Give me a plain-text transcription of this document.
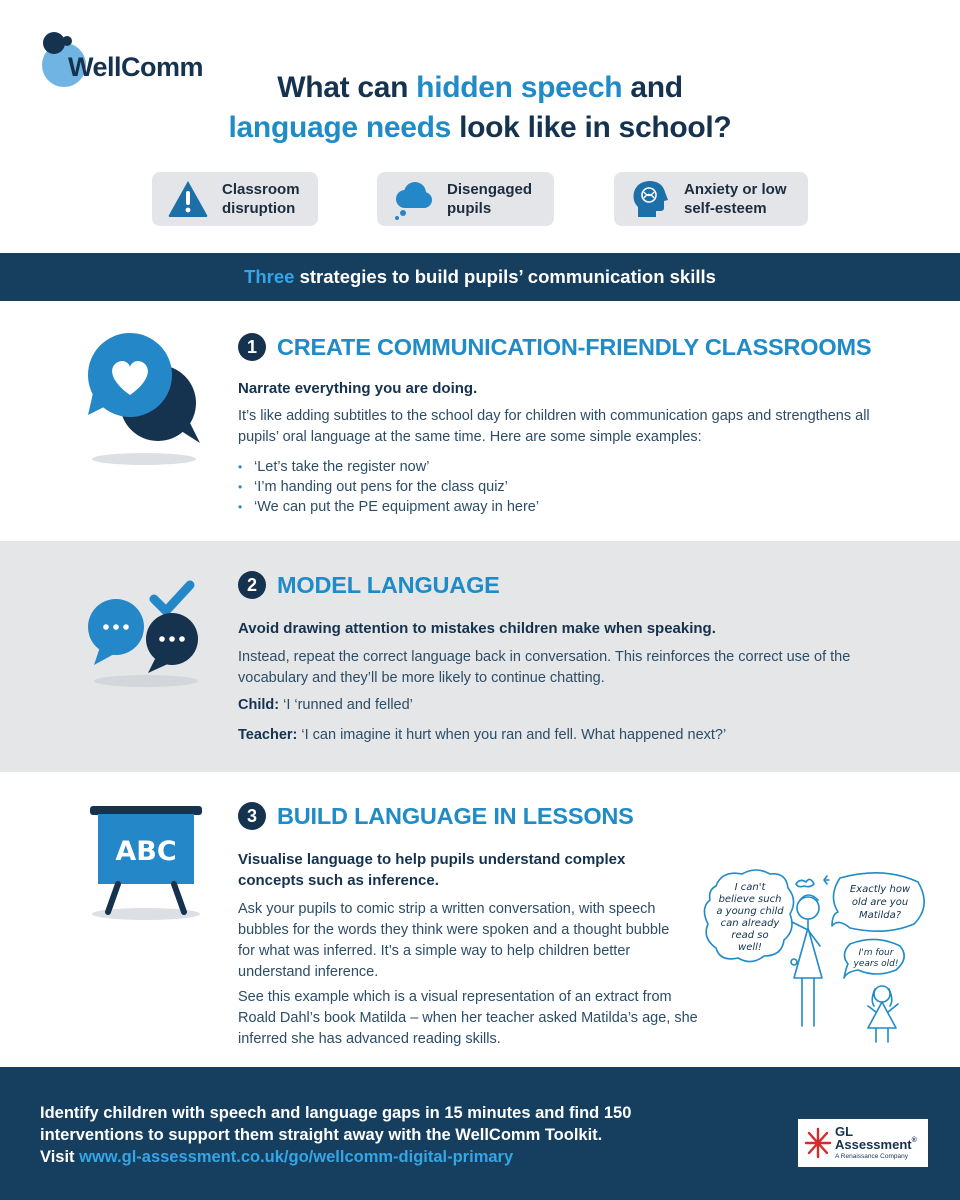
WellComm
What can hidden speech and
language needs look like in school?
Classroom
disruption
Disengaged
pupils
Anxiety or low
self-esteem
Three strategies to build pupils’ communication skills
1 CREATE COMMUNICATION-FRIENDLY CLASSROOMS
Narrate everything you are doing.
It’s like adding subtitles to the school day for children with communication gaps and strengthens all pupils’ oral language at the same time. Here are some simple examples:
• ‘Let’s take the register now’
• ‘I’m handing out pens for the class quiz’
• ‘We can put the PE equipment away in here’
2 MODEL LANGUAGE
Avoid drawing attention to mistakes children make when speaking.
Instead, repeat the correct language back in conversation. This reinforces the correct use of the vocabulary and they’ll be more likely to continue chatting.
Child: ‘I ‘runned and felled’
Teacher: ‘I can imagine it hurt when you ran and fell. What happened next?’
ABC
3 BUILD LANGUAGE IN LESSONS
Visualise language to help pupils understand complex concepts such as inference.
Ask your pupils to comic strip a written conversation, with speech bubbles for the words they think were spoken and a thought bubble for what was inferred. It’s a simple way to help children better understand inference.
See this example which is a visual representation of an extract from Roald Dahl’s book Matilda – when her teacher asked Matilda’s age, she inferred she has advanced reading skills.
I can't
believe such
a young child
can already
read so
well!
Exactly how
old are you
Matilda?
I'm four
years old!
Identify children with speech and language gaps in 15 minutes and find 150
interventions to support them straight away with the WellComm Toolkit.
Visit www.gl-assessment.co.uk/go/wellcomm-digital-primary
GL
Assessment®
A Renaissance Company
